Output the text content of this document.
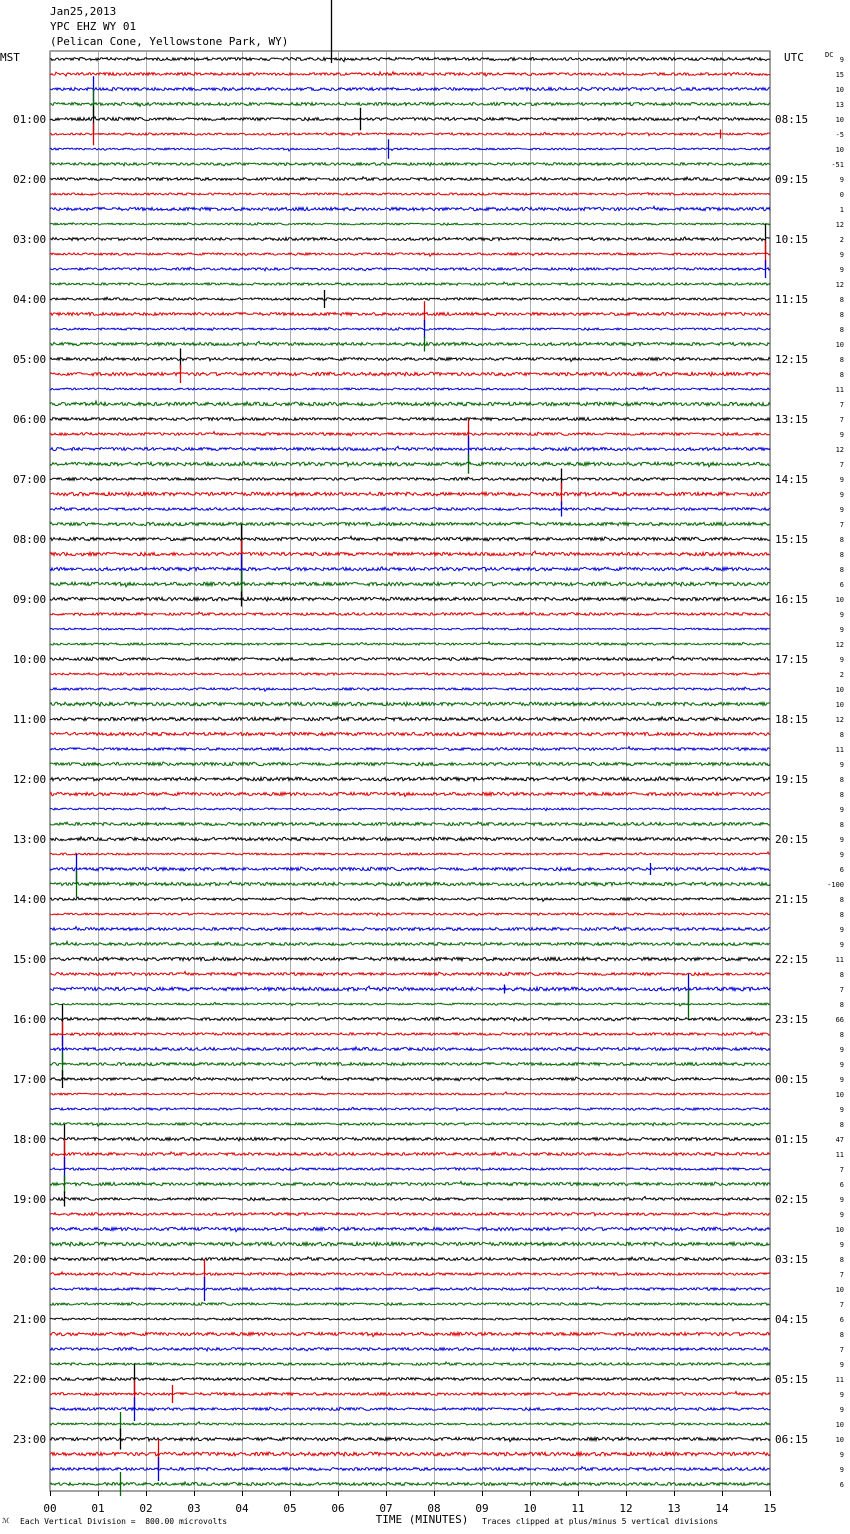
Jan25,2013
YPC EHZ WY 01
(Pelican Cone, Yellowstone Park, WY)
MST	UTC	DC
01:00
02:00
03:00
04:00
05:00
06:00
07:00
08:00
09:00
10:00
11:00
12:00
13:00
14:00
15:00
16:00
17:00
18:00
19:00
20:00
21:00
22:00
23:00
08:15
09:15
10:15
11:15
12:15
13:15
14:15
15:15
16:15
17:15
18:15
19:15
20:15
21:15
22:15
23:15
00:15
01:15
02:15
03:15
04:15
05:15
06:15
9
15
10
13
10
-5
10
-51
9
0
1
12
2
9
9
12
8
8
8
10
8
8
11
7
7
9
12
7
9
9
9
7
8
8
8
6
10
9
9
12
9
2
10
10
12
8
11
9
8
8
9
8
9
9
6
-100
8
8
9
9
11
8
7
8
66
8
9
9
9
10
9
8
47
11
7
6
9
9
10
9
8
7
10
7
6
8
7
9
11
9
9
10
10
9
9
6
00	01	02	03	04	05	06	07	08	09	10	11	12	13	14	15
TIME (MINUTES)
ℳ Each Vertical Division =  800.00 microvolts	Traces clipped at plus/minus 5 vertical divisions
